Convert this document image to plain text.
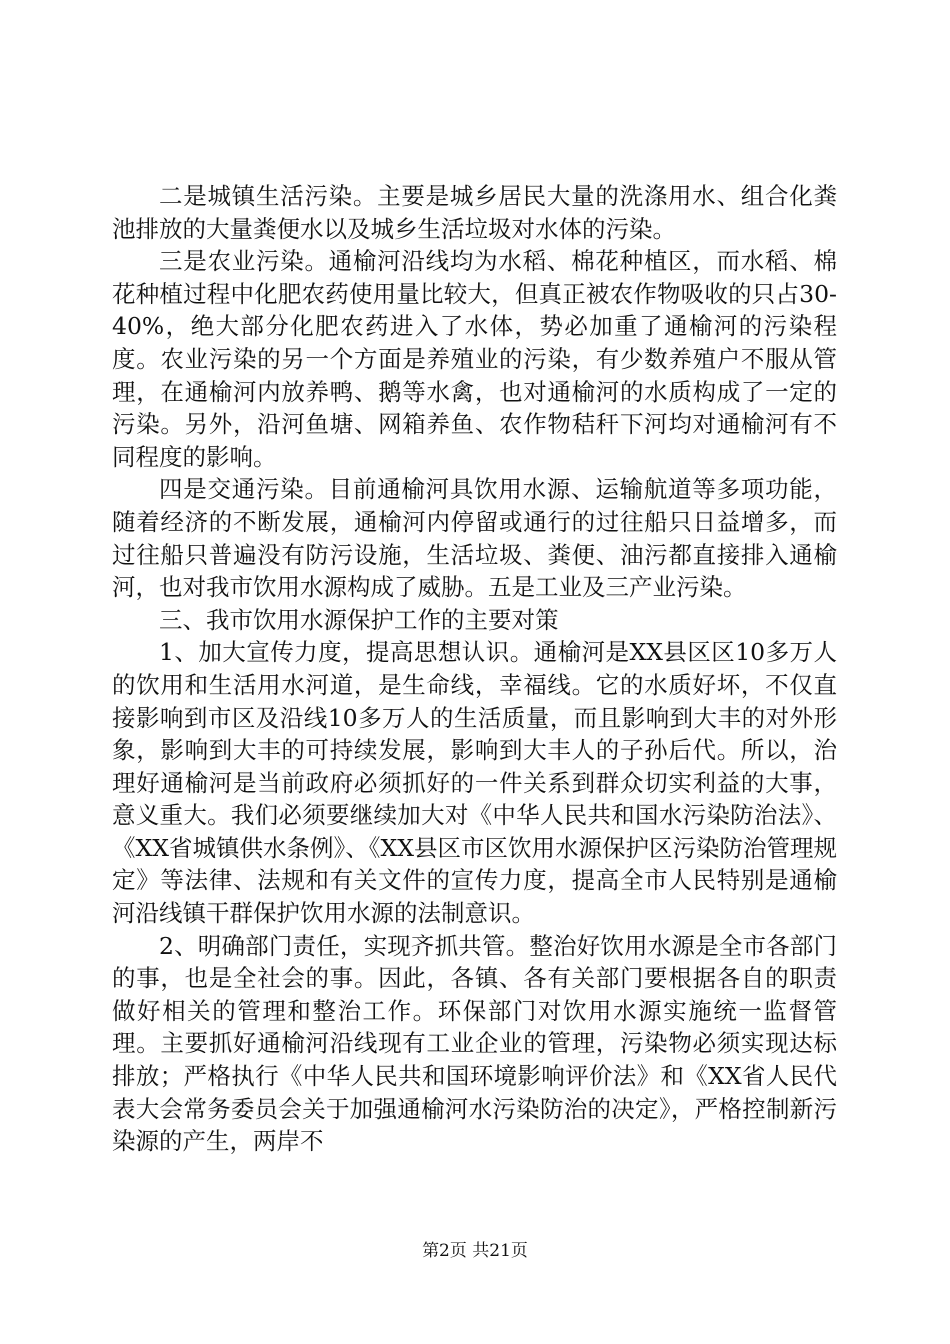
二是城镇生活污染。主要是城乡居民大量的洗涤用水、组合化粪池排放的大量粪便水以及城乡生活垃圾对水体的污染。

三是农业污染。通榆河沿线均为水稻、棉花种植区，而水稻、棉花种植过程中化肥农药使用量比较大，但真正被农作物吸收的只占30-40%，绝大部分化肥农药进入了水体，势必加重了通榆河的污染程度。农业污染的另一个方面是养殖业的污染，有少数养殖户不服从管理，在通榆河内放养鸭、鹅等水禽，也对通榆河的水质构成了一定的污染。另外，沿河鱼塘、网箱养鱼、农作物秸秆下河均对通榆河有不同程度的影响。

四是交通污染。目前通榆河具饮用水源、运输航道等多项功能，随着经济的不断发展，通榆河内停留或通行的过往船只日益增多，而过往船只普遍没有防污设施，生活垃圾、粪便、油污都直接排入通榆河，也对我市饮用水源构成了威胁。五是工业及三产业污染。

三、我市饮用水源保护工作的主要对策

1、加大宣传力度，提高思想认识。通榆河是XX县区区10多万人的饮用和生活用水河道，是生命线，幸福线。它的水质好坏，不仅直接影响到市区及沿线10多万人的生活质量，而且影响到大丰的对外形象，影响到大丰的可持续发展，影响到大丰人的子孙后代。所以，治理好通榆河是当前政府必须抓好的一件关系到群众切实利益的大事，意义重大。我们必须要继续加大对《中华人民共和国水污染防治法》、《XX省城镇供水条例》、《XX县区市区饮用水源保护区污染防治管理规定》等法律、法规和有关文件的宣传力度，提高全市人民特别是通榆河沿线镇干群保护饮用水源的法制意识。

2、明确部门责任，实现齐抓共管。整治好饮用水源是全市各部门的事，也是全社会的事。因此，各镇、各有关部门要根据各自的职责做好相关的管理和整治工作。环保部门对饮用水源实施统一监督管理。主要抓好通榆河沿线现有工业企业的管理，污染物必须实现达标排放；严格执行《中华人民共和国环境影响评价法》和《XX省人民代表大会常务委员会关于加强通榆河水污染防治的决定》，严格控制新污染源的产生，两岸不

第2页 共21页
